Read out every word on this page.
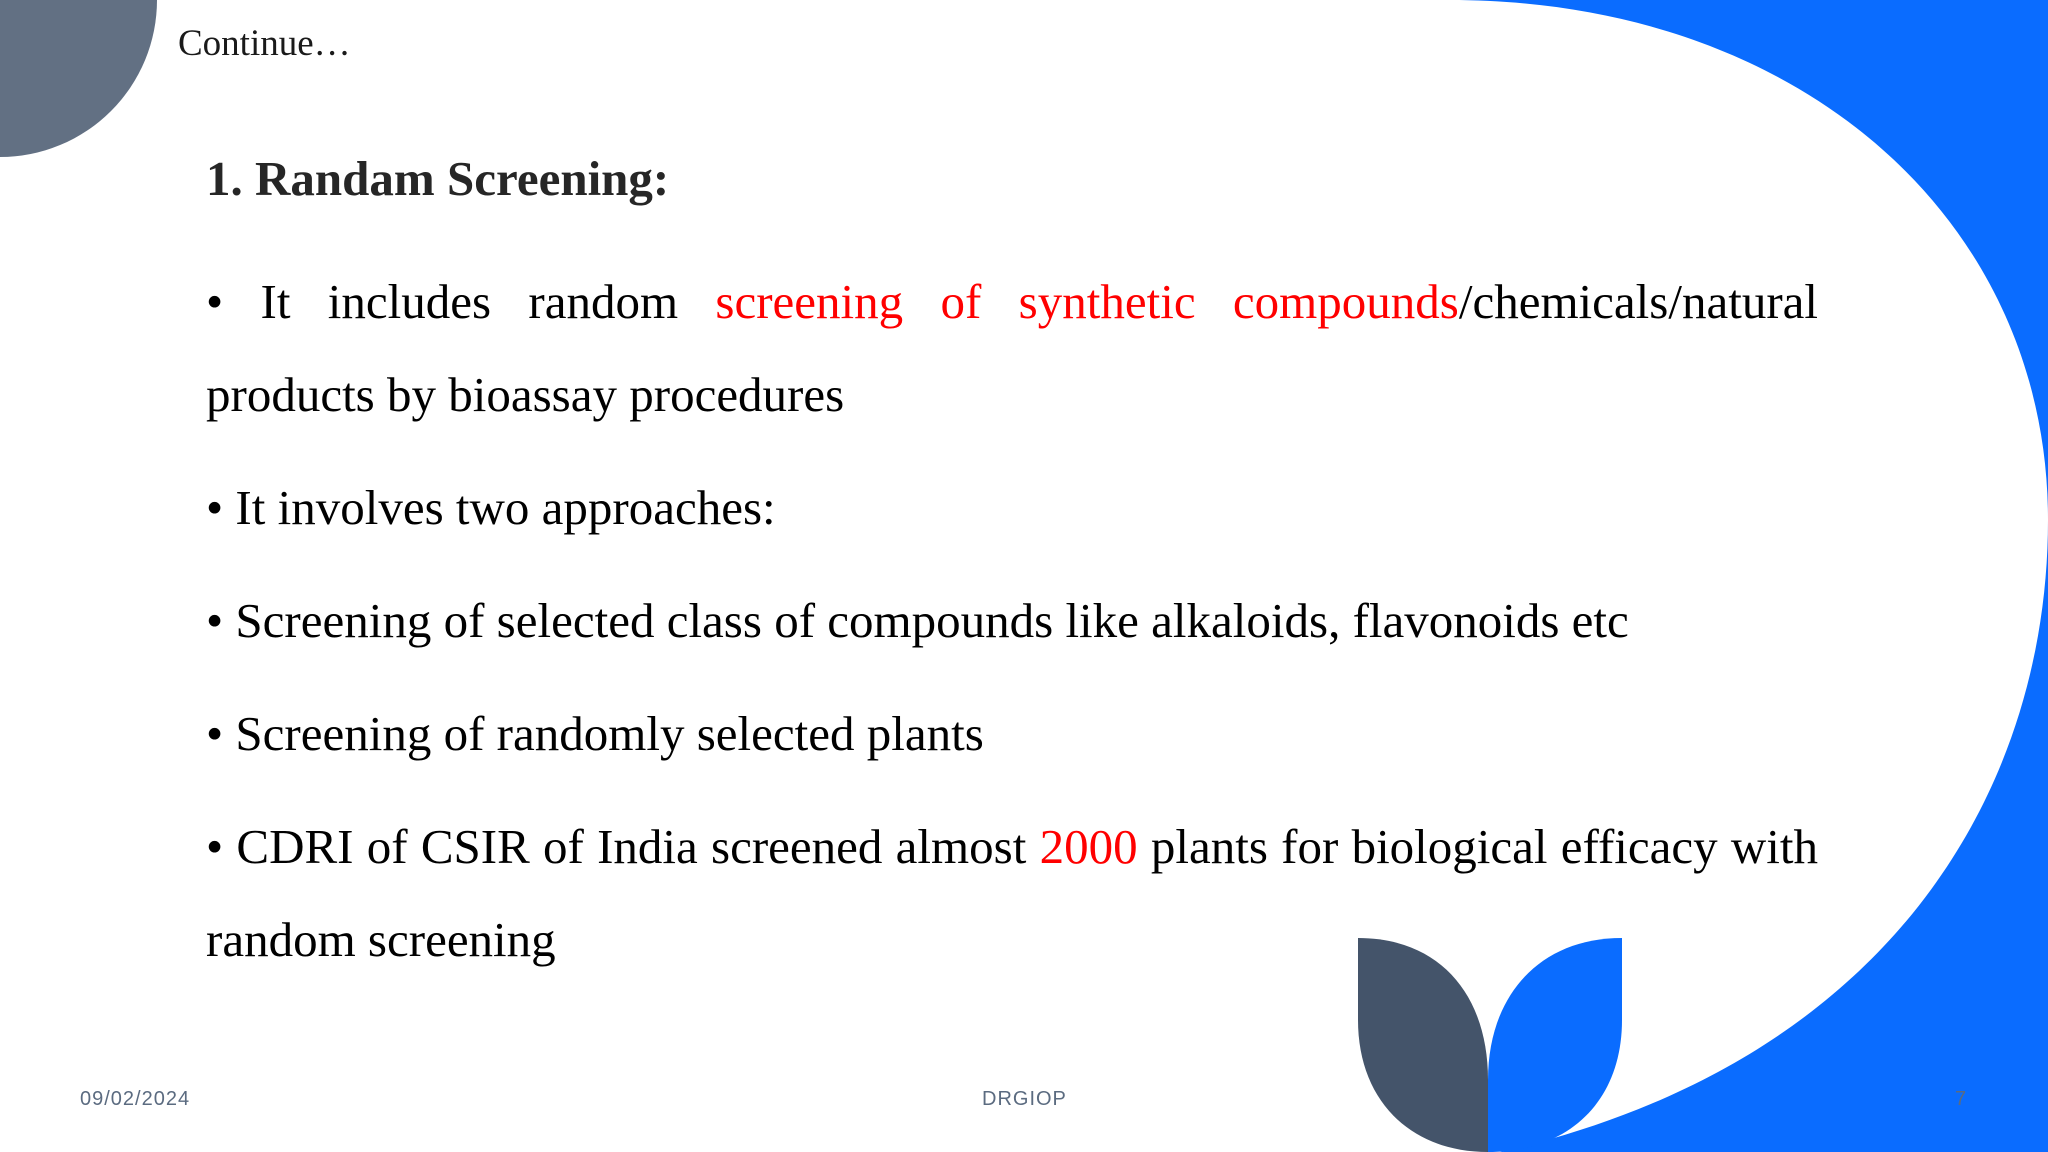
Continue…
1. Randam Screening:
• It includes random screening of synthetic compounds/chemicals/natural products by bioassay procedures
• It involves two approaches:
• Screening of selected class of compounds like alkaloids, flavonoids etc
• Screening of randomly selected plants
• CDRI of CSIR of India screened almost 2000 plants for biological efficacy with random screening
09/02/2024	DRGIOP	7
